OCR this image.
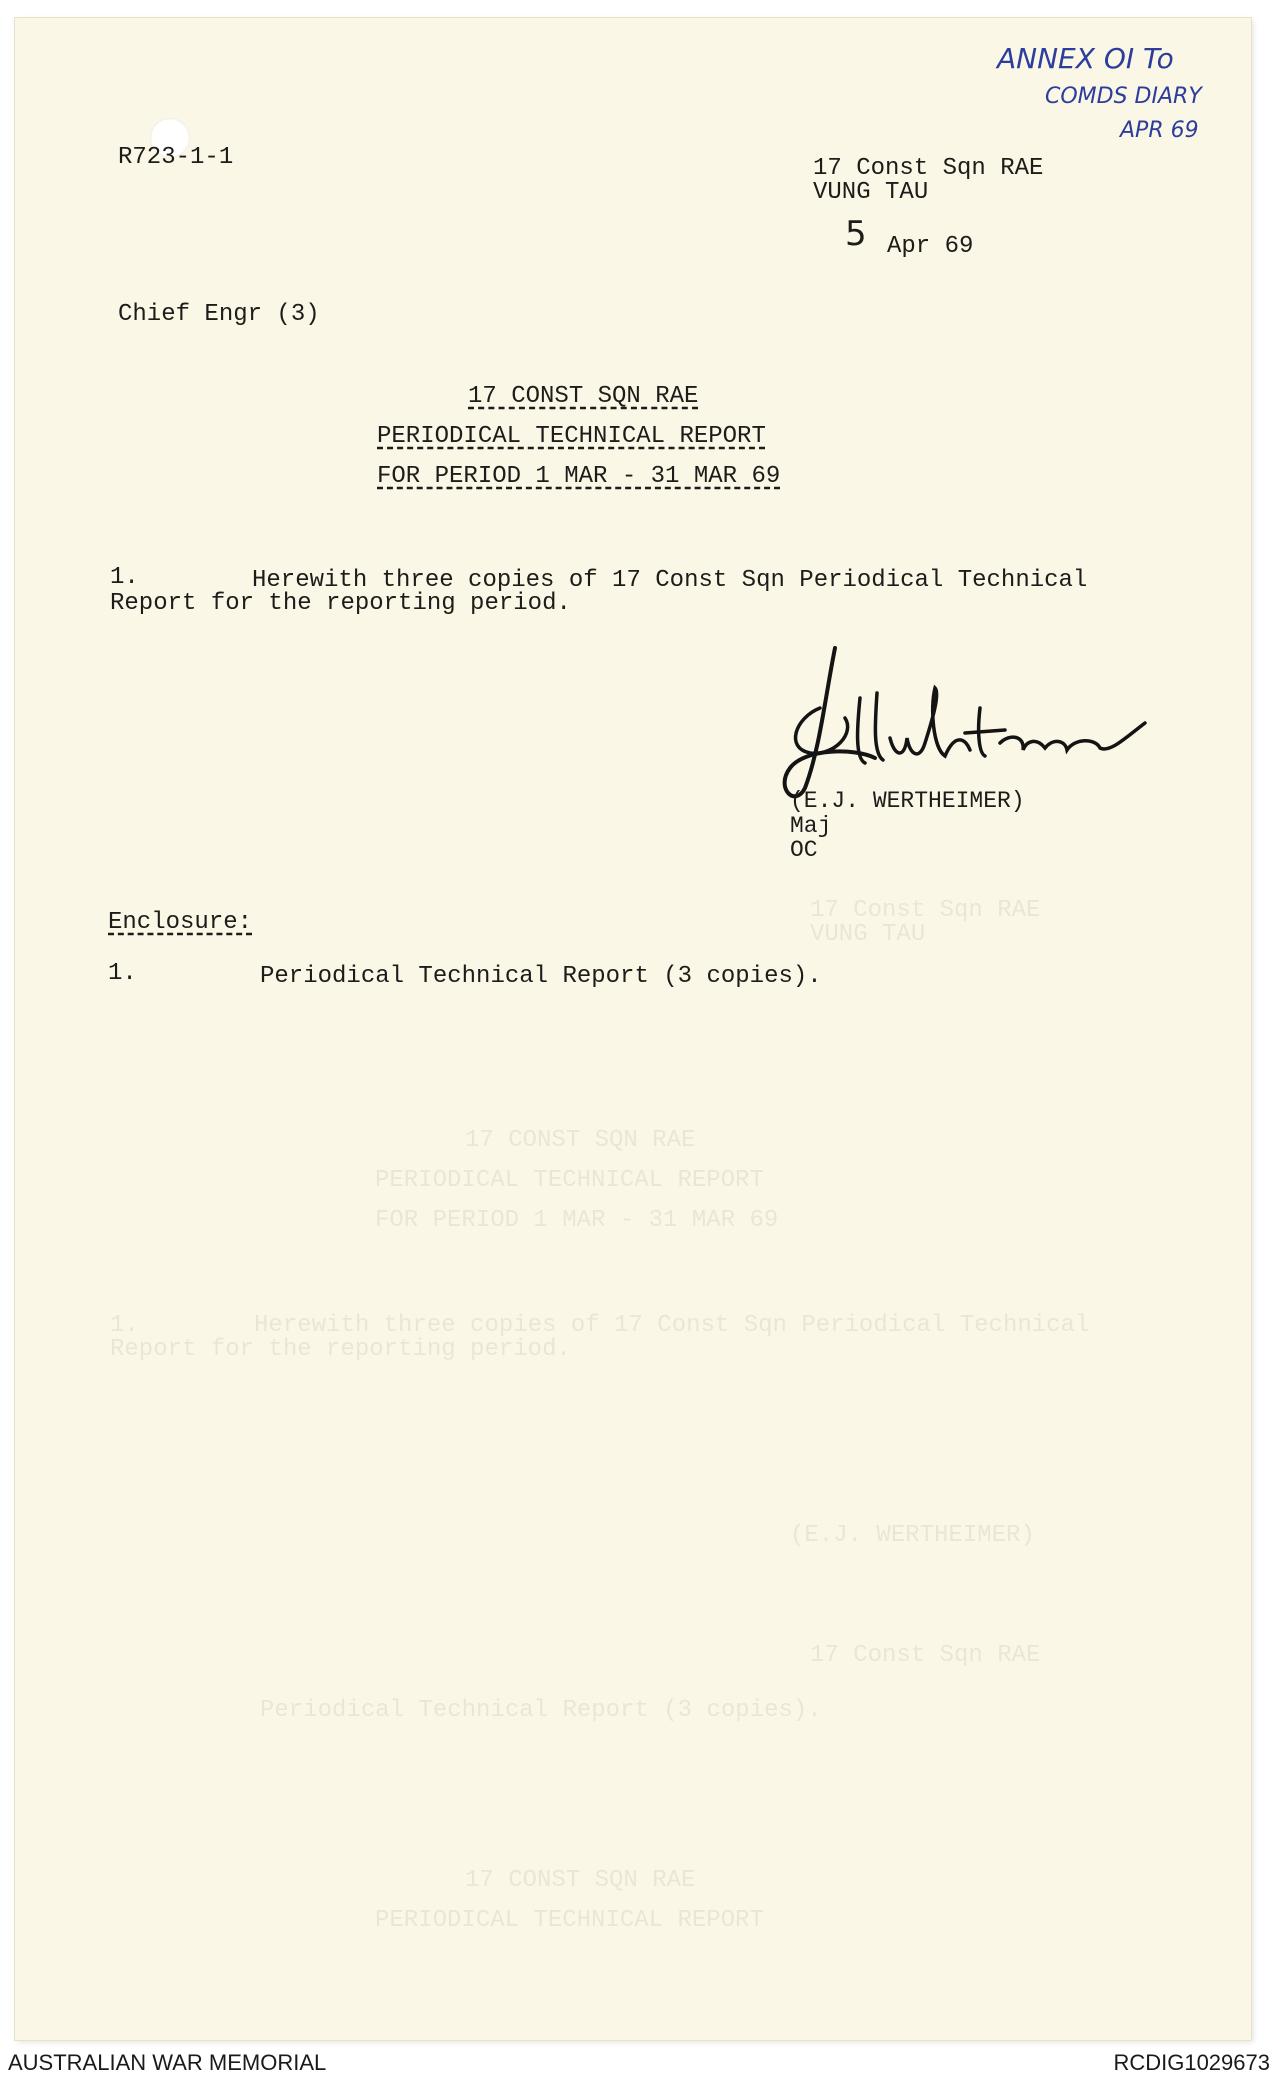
17 Const Sqn RAE
VUNG TAU
17 CONST SQN RAE
PERIODICAL TECHNICAL REPORT
FOR PERIOD 1 MAR - 31 MAR 69
1.        Herewith three copies of 17 Const Sqn Periodical Technical
Report for the reporting period.
(E.J. WERTHEIMER)
17 Const Sqn RAE
Periodical Technical Report (3 copies).
17 CONST SQN RAE
PERIODICAL TECHNICAL REPORT
ANNEX OI To
COMDS DIARY
APR 69
R723-1-1	17 Const Sqn RAE
VUNG TAU
5 Apr 69
Chief Engr (3)
17 CONST SQN RAE
PERIODICAL TECHNICAL REPORT
FOR PERIOD 1 MAR - 31 MAR 69
1.	Herewith three copies of 17 Const Sqn Periodical Technical
Report for the reporting period.
(E.J. WERTHEIMER)
Maj
OC
Enclosure:
1.	Periodical Technical Report (3 copies).
AUSTRALIAN WAR MEMORIAL	RCDIG1029673
